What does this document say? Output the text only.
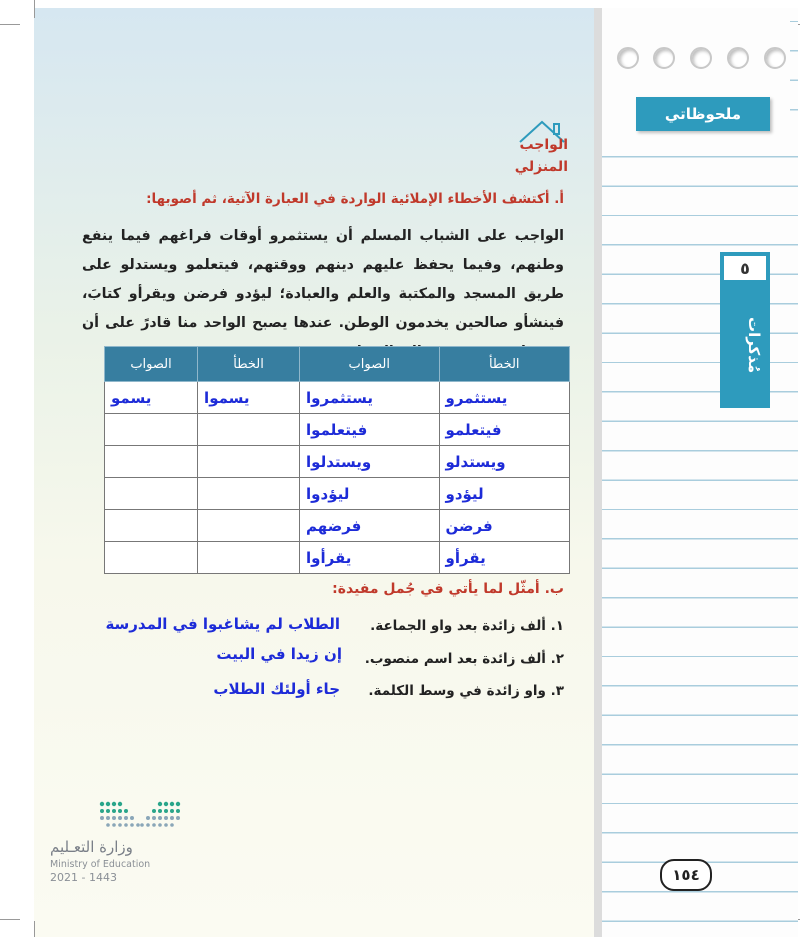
ملحوظاتي
٥
مُذكرات
الواجب
المنزلي
أ. أكتشف الأخطاء الإملائية الواردة في العبارة الآتية، ثم أصوبها:
الواجب على الشباب المسلم أن يستثمرو أوقات فراغهم فيما ينفع وطنهم، وفيما يحفظ عليهم دينهم ووقتهم، فيتعلمو ويستدلو على طريق المسجد والمكتبة والعلم والعبادة؛ ليؤدو فرضن ويقرأو كتابَ، فينشأو صالحين يخدمون الوطن. عندها يصبح الواحد منا قادرً على أن
الخطأ	الصواب	الخطأ	الصواب
يستثمرو	يستثمروا	يسموا	يسمو
فيتعلمو	فيتعلموا		
ويستدلو	ويستدلوا		
ليؤدو	ليؤدوا		
فرضن	فرضهم		
يقرأو	يقرأوا		
ب. أمثّل لما يأتي في جُمل مفيدة:
١. ألف زائدة بعد واو الجماعة.
الطلاب لم يشاغبوا في المدرسة
٢. ألف زائدة بعد اسم منصوب.
إن زيدا في البيت
٣. واو زائدة في وسط الكلمة.
جاء أولئك الطلاب
وزارة التعـليم
Ministry of Education
2021 - 1443	١٥٤
